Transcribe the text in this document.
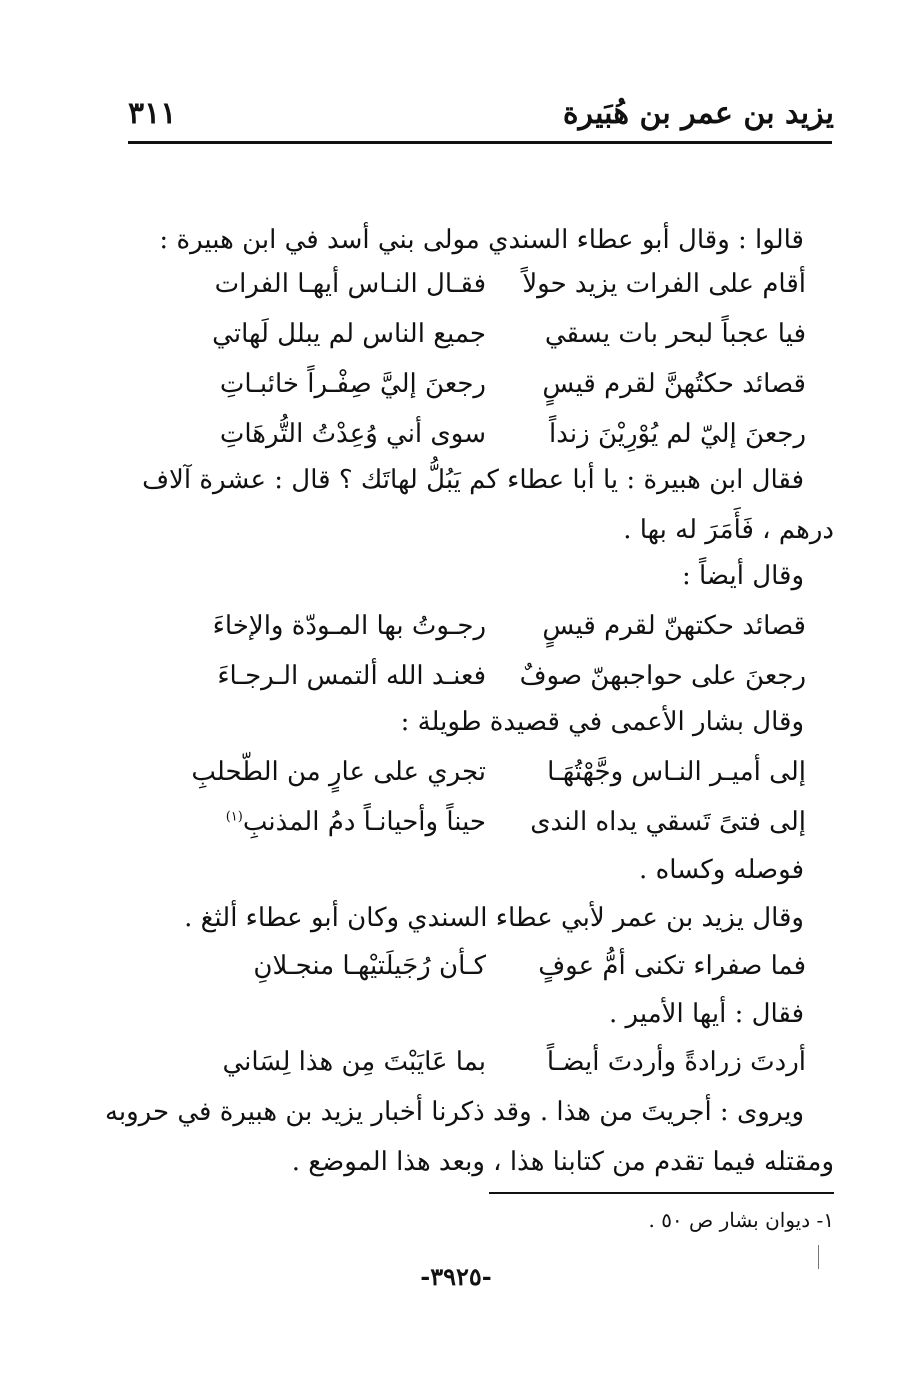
يزيد بن عمر بن هُبَيرة
٣١١
قالوا : وقال أبو عطاء السندي مولى بني أسد في ابن هبيرة :
أقام على الفرات يزيد حولاً
فقـال النـاس أيهـا الفرات
فيا عجباً لبحر بات يسقي
جميع الناس لم يبلل لَهاتي
قصائد حكتُهنَّ لقرم قيسٍ
رجعنَ إليَّ صِفْـراً خائبـاتِ
رجعنَ إليّ لم يُوْرِيْنَ زنداً
سوى أني وُعِدْتُ التُّرهَاتِ
فقال ابن هبيرة : يا أبا عطاء كم يَبُلُّ لهاتَك ؟ قال : عشرة آلاف
درهم ، فَأَمَرَ له بها .
وقال أيضاً :
قصائد حكتهنّ لقرم قيسٍ
رجـوتُ بها المـودّة والإخاءَ
رجعنَ على حواجبهنّ صوفٌ
فعنـد الله ألتمس الـرجـاءَ
وقال بشار الأعمى في قصيدة طويلة :
إلى أميـر النـاس وجَّهْتُهَـا
تجري على عارٍ من الطّحلبِ
إلى فتىً تَسقي يداه الندى
حيناً وأحيانـاً دمُ المذنبِ$^{(١)}$
فوصله وكساه .
وقال يزيد بن عمر لأبي عطاء السندي وكان أبو عطاء ألثغ .
فما صفراء تكنى أمُّ عوفٍ
كـأن رُجَيلَتيْهـا منجـلانِ
فقال : أيها الأمير .
أردتَ زرادةً وأردتَ أيضـاً
بما عَايَبْتَ مِن هذا لِسَاني
ويروى : أجريتَ من هذا . وقد ذكرنا أخبار يزيد بن هبيرة في حروبه
ومقتله فيما تقدم من كتابنا هذا ، وبعد هذا الموضع .
١- ديوان بشار ص ٥٠ .
-٣٩٢٥-
